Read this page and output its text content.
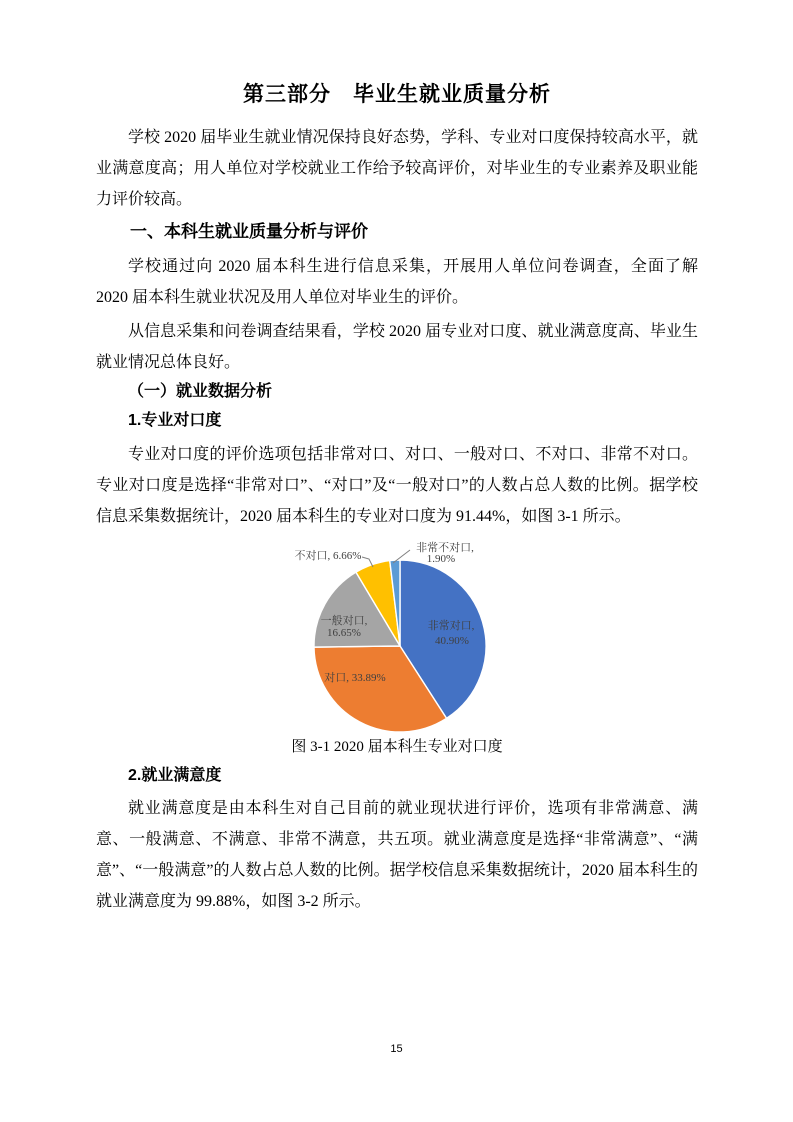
第三部分　毕业生就业质量分析

学校 2020 届毕业生就业情况保持良好态势，学科、专业对口度保持较高水平，就业满意度高；用人单位对学校就业工作给予较高评价，对毕业生的专业素养及职业能力评价较高。

一、本科生就业质量分析与评价

学校通过向 2020 届本科生进行信息采集，开展用人单位问卷调查，全面了解 2020 届本科生就业状况及用人单位对毕业生的评价。

从信息采集和问卷调查结果看，学校 2020 届专业对口度、就业满意度高、毕业生就业情况总体良好。

（一）就业数据分析
1.专业对口度

专业对口度的评价选项包括非常对口、对口、一般对口、不对口、非常不对口。专业对口度是选择“非常对口”、“对口”及“一般对口”的人数占总人数的比例。据学校信息采集数据统计，2020 届本科生的专业对口度为 91.44%，如图 3-1 所示。

非常对口,
40.90%
对口, 33.89%
一般对口,
16.65%
不对口, 6.66%
非常不对口,
1.90%
图 3-1 2020 届本科生专业对口度
2.就业满意度

就业满意度是由本科生对自己目前的就业现状进行评价，选项有非常满意、满意、一般满意、不满意、非常不满意，共五项。就业满意度是选择“非常满意”、“满意”、“一般满意”的人数占总人数的比例。据学校信息采集数据统计，2020 届本科生的就业满意度为 99.88%，如图 3-2 所示。

15
